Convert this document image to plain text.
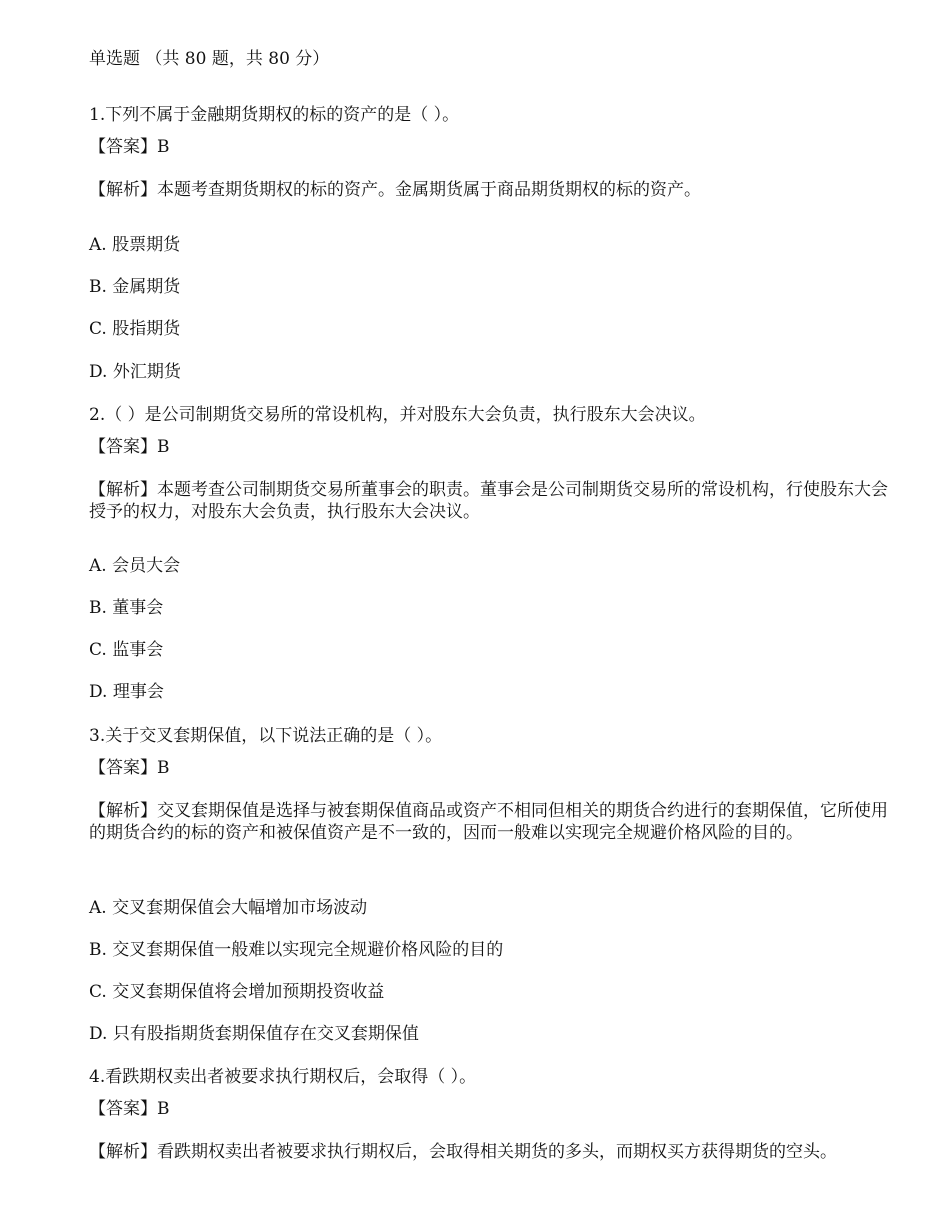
单选题 （共 80 题，共 80 分）
1.下列不属于金融期货期权的标的资产的是（ ）。
【答案】B
【解析】本题考查期货期权的标的资产。金属期货属于商品期货期权的标的资产。
A. 股票期货
B. 金属期货
C. 股指期货
D. 外汇期货
2.（ ）是公司制期货交易所的常设机构，并对股东大会负责，执行股东大会决议。
【答案】B
【解析】本题考查公司制期货交易所董事会的职责。董事会是公司制期货交易所的常设机构，行使股东大会授予的权力，对股东大会负责，执行股东大会决议。
A. 会员大会
B. 董事会
C. 监事会
D. 理事会
3.关于交叉套期保值，以下说法正确的是（ ）。
【答案】B
【解析】交叉套期保值是选择与被套期保值商品或资产不相同但相关的期货合约进行的套期保值，它所使用的期货合约的标的资产和被保值资产是不一致的，因而一般难以实现完全规避价格风险的目的。
A. 交叉套期保值会大幅增加市场波动
B. 交叉套期保值一般难以实现完全规避价格风险的目的
C. 交叉套期保值将会增加预期投资收益
D. 只有股指期货套期保值存在交叉套期保值
4.看跌期权卖出者被要求执行期权后，会取得（ ）。
【答案】B
【解析】看跌期权卖出者被要求执行期权后，会取得相关期货的多头，而期权买方获得期货的空头。
